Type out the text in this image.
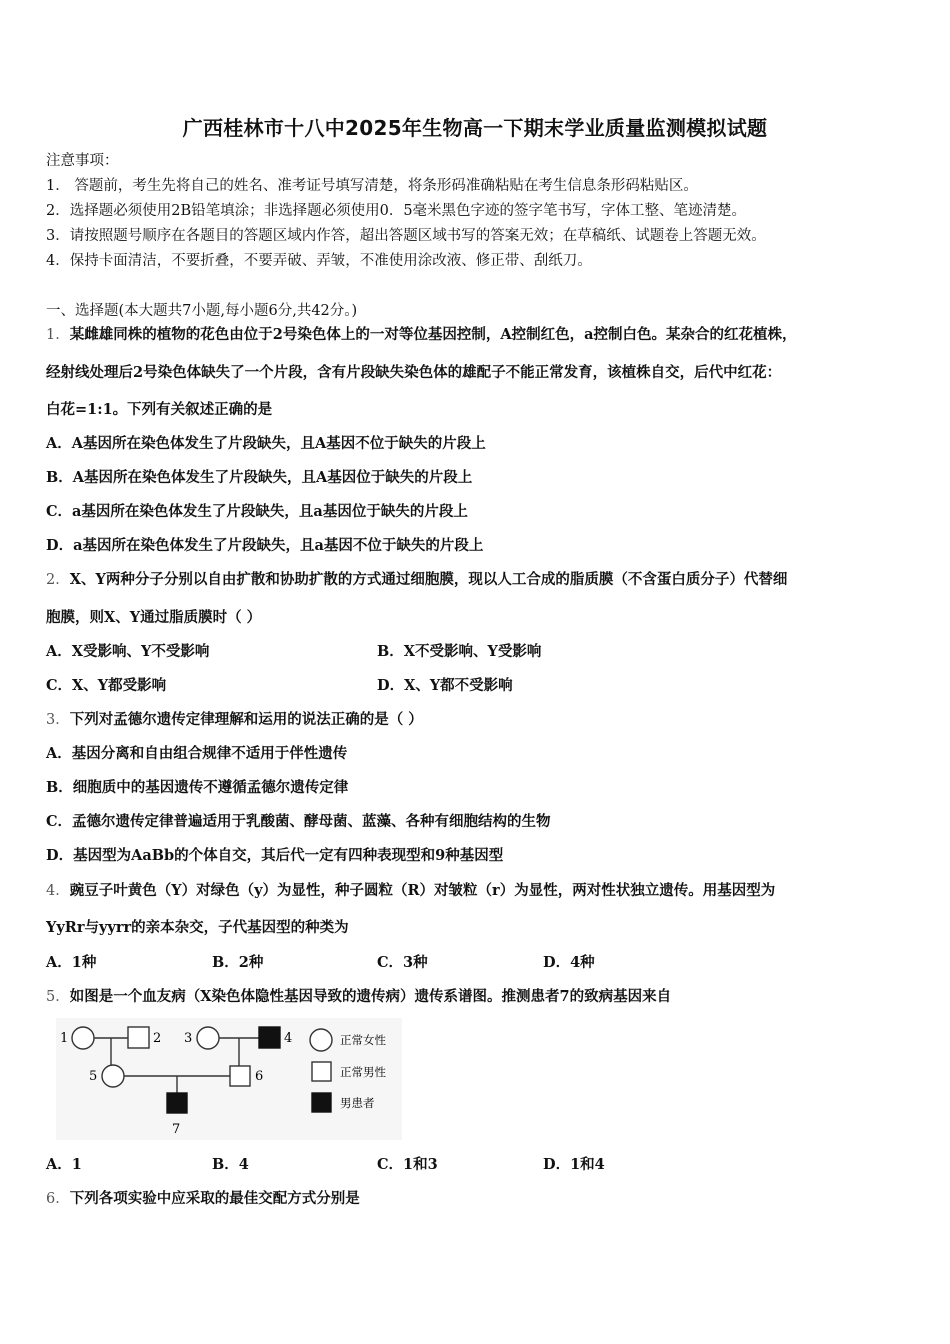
广西桂林市十八中2025年生物高一下期末学业质量监测模拟试题
注意事项：
1． 答题前，考生先将自己的姓名、准考证号填写清楚，将条形码准确粘贴在考生信息条形码粘贴区。
2．选择题必须使用2B铅笔填涂；非选择题必须使用0．5毫米黑色字迹的签字笔书写，字体工整、笔迹清楚。
3．请按照题号顺序在各题目的答题区域内作答，超出答题区域书写的答案无效；在草稿纸、试题卷上答题无效。
4．保持卡面清洁，不要折叠，不要弄破、弄皱，不准使用涂改液、修正带、刮纸刀。
一、选择题(本大题共7小题,每小题6分,共42分。)
1．某雌雄同株的植物的花色由位于2号染色体上的一对等位基因控制，A控制红色，a控制白色。某杂合的红花植株，
经射线处理后2号染色体缺失了一个片段，含有片段缺失染色体的雄配子不能正常发育，该植株自交，后代中红花：
白花=1:1。下列有关叙述正确的是
A．A基因所在染色体发生了片段缺失，且A基因不位于缺失的片段上
B．A基因所在染色体发生了片段缺失，且A基因位于缺失的片段上
C．a基因所在染色体发生了片段缺失，且a基因位于缺失的片段上
D．a基因所在染色体发生了片段缺失，且a基因不位于缺失的片段上
2．X、Y两种分子分别以自由扩散和协助扩散的方式通过细胞膜，现以人工合成的脂质膜（不含蛋白质分子）代替细
胞膜，则X、Y通过脂质膜时（ ）
A．X受影响、Y不受影响	B．X不受影响、Y受影响
C．X、Y都受影响	D．X、Y都不受影响
3．下列对孟德尔遗传定律理解和运用的说法正确的是（ ）
A．基因分离和自由组合规律不适用于伴性遗传
B．细胞质中的基因遗传不遵循孟德尔遗传定律
C．孟德尔遗传定律普遍适用于乳酸菌、酵母菌、蓝藻、各种有细胞结构的生物
D．基因型为AaBb的个体自交，其后代一定有四种表现型和9种基因型
4．豌豆子叶黄色（Y）对绿色（y）为显性，种子圆粒（R）对皱粒（r）为显性，两对性状独立遗传。用基因型为
YyRr与yyrr的亲本杂交，子代基因型的种类为
A．1种	B．2种	C．3种	D．4种
5．如图是一个血友病（X染色体隐性基因导致的遗传病）遗传系谱图。推测患者7的致病基因来自
1	2 3	4
5	6
7
正常女性
正常男性
男患者
A．1	B．4	C．1和3	D．1和4
6．下列各项实验中应采取的最佳交配方式分别是
